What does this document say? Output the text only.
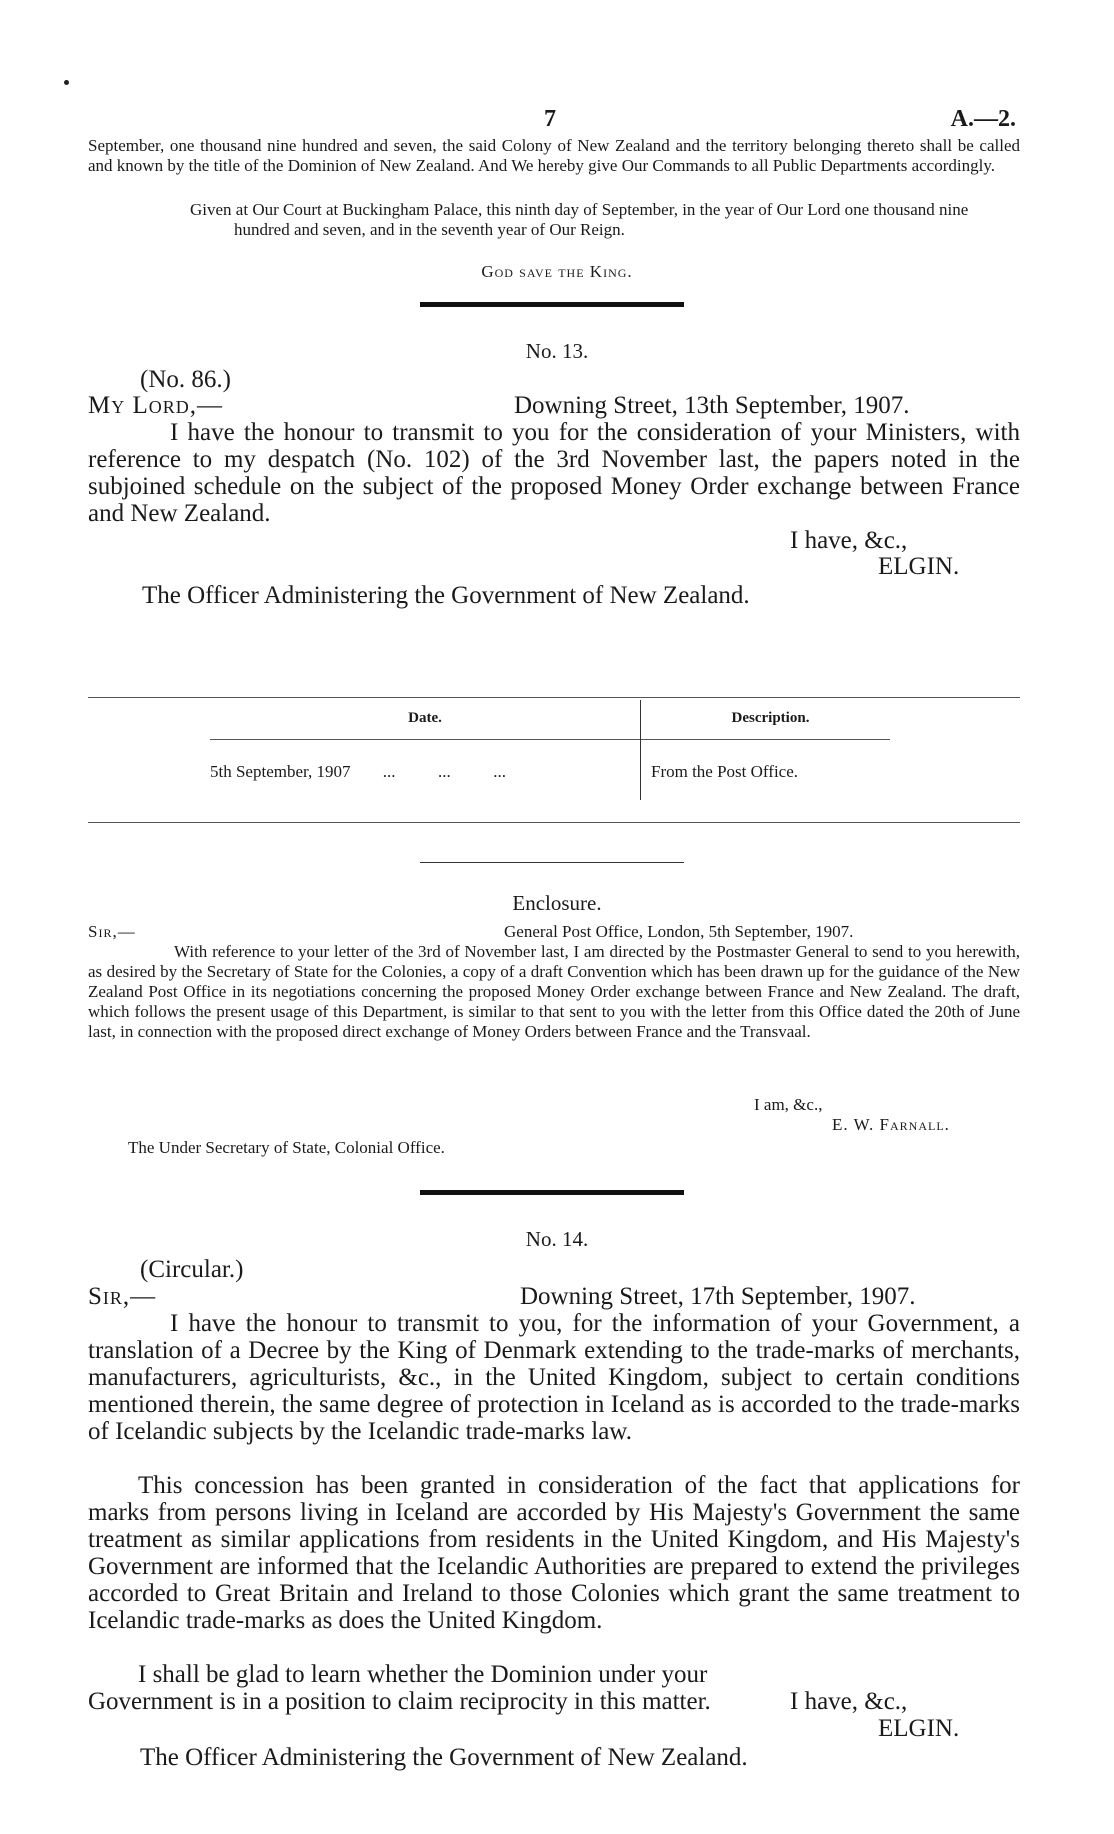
7	A.—2.
September, one thousand nine hundred and seven, the said Colony of New Zealand and the territory belonging thereto shall be called and known by the title of the Dominion of New Zealand. And We hereby give Our Commands to all Public Departments accordingly.
Given at Our Court at Buckingham Palace, this ninth day of September, in the year of Our Lord one thousand nine hundred and seven, and in the seventh year of Our Reign.
God save the King.
No. 13.
(No. 86.)
My Lord,—	Downing Street, 13th September, 1907.
I have the honour to transmit to you for the consideration of your Ministers, with reference to my despatch (No. 102) of the 3rd November last, the papers noted in the subjoined schedule on the subject of the proposed Money Order exchange between France and New Zealand.
I have, &c.,
ELGIN.
The Officer Administering the Government of New Zealand.
Date.	Description.
5th September, 1907 ...          ...          ...	From the Post Office.
Enclosure.
Sir,—	General Post Office, London, 5th September, 1907.
With reference to your letter of the 3rd of November last, I am directed by the Postmaster General to send to you herewith, as desired by the Secretary of State for the Colonies, a copy of a draft Convention which has been drawn up for the guidance of the New Zealand Post Office in its negotiations concerning the proposed Money Order exchange between France and New Zealand. The draft, which follows the present usage of this Department, is similar to that sent to you with the letter from this Office dated the 20th of June last, in connection with the proposed direct exchange of Money Orders between France and the Transvaal.
I am, &c.,
E. W. Farnall.
The Under Secretary of State, Colonial Office.
No. 14.
(Circular.)
Sir,—	Downing Street, 17th September, 1907.
I have the honour to transmit to you, for the information of your Government, a translation of a Decree by the King of Denmark extending to the trade-marks of merchants, manufacturers, agriculturists, &c., in the United Kingdom, subject to certain conditions mentioned therein, the same degree of protection in Iceland as is accorded to the trade-marks of Icelandic subjects by the Icelandic trade-marks law.
This concession has been granted in consideration of the fact that applications for marks from persons living in Iceland are accorded by His Majesty's Government the same treatment as similar applications from residents in the United Kingdom, and His Majesty's Government are informed that the Icelandic Authorities are prepared to extend the privileges accorded to Great Britain and Ireland to those Colonies which grant the same treatment to Icelandic trade-marks as does the United Kingdom.
I shall be glad to learn whether the Dominion under your Government is in a position to claim reciprocity in this matter.	I have, &c.,
ELGIN.
The Officer Administering the Government of New Zealand.
